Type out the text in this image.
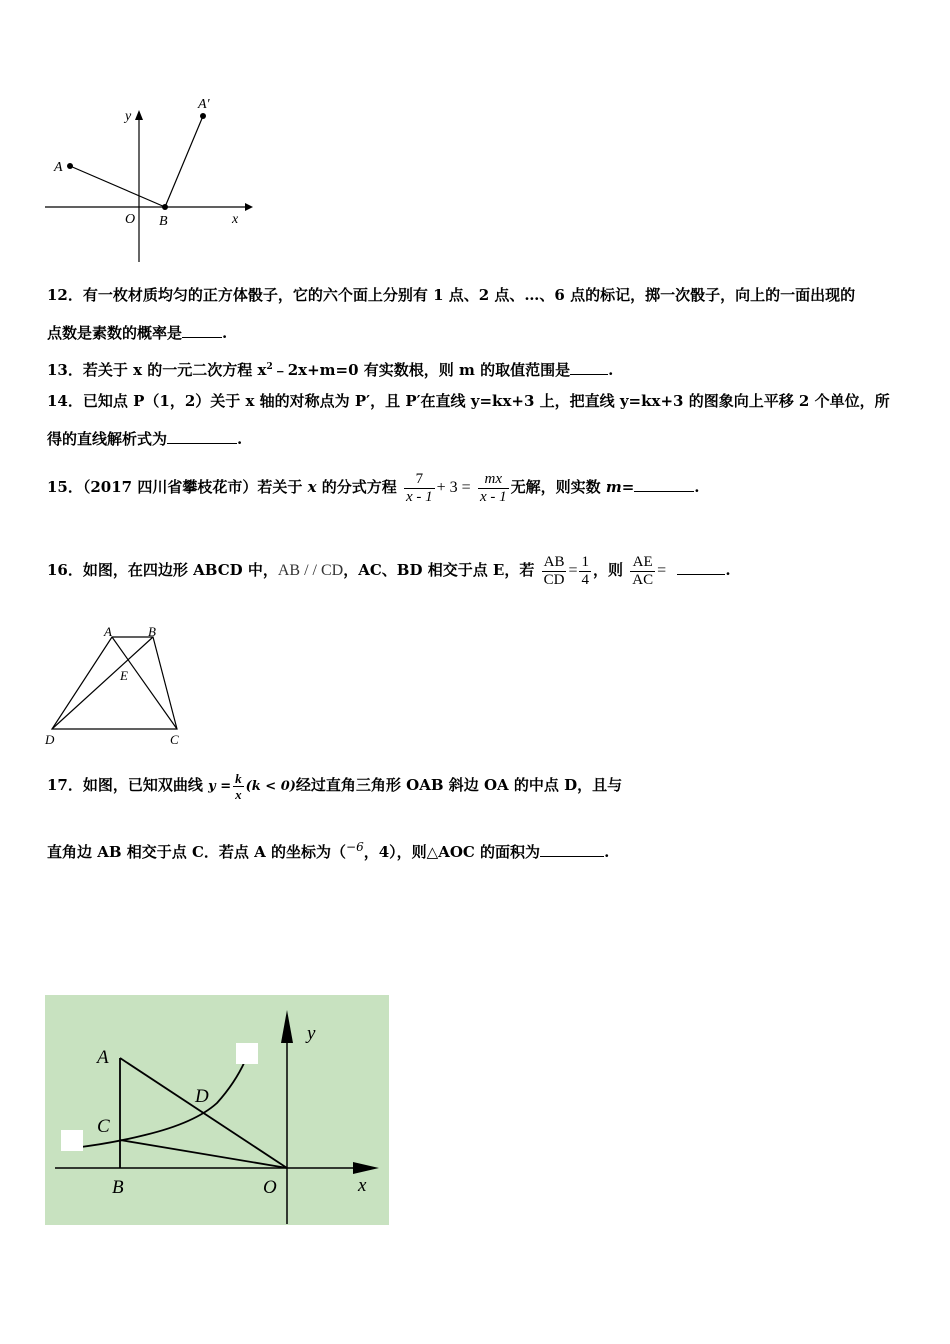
y
A′
A
O B	x
12．有一枚材质均匀的正方体骰子，它的六个面上分别有 1 点、2 点、…、6 点的标记，掷一次骰子，向上的一面出现的
点数是素数的概率是	.
13．若关于 x 的一元二次方程 $x^2﹣2x+m=0$ 有实数根，则 m 的取值范围是	.
14．已知点 P（1，2）关于 x 轴的对称点为 P′，且 P′在直线 y=kx+3 上，把直线 y=kx+3 的图象向上平移 2 个单位，所
得的直线解析式为	.
15．（2017 四川省攀枝花市）若关于 x 的分式方程 $\frac{7}{x - 1} + 3 = \frac{mx}{x - 1}$ 无解，则实数 m=	.
16．如图，在四边形 ABCD 中，AB / / CD，AC、BD 相交于点 E，若 $\frac{AB}{CD} = \frac{1}{4}$ ，则 $\frac{AE}{AC}$ =	.
A	B
E
D	C
17．如图，已知双曲线 $y = \frac{k}{x} (k < 0)$经过直角三角形 OAB 斜边 OA 的中点 D，且与
直角边 AB 相交于点 C．若点 A 的坐标为（$^{-6}$，4），则△AOC 的面积为	.
A
D
C
B	O	x
y
